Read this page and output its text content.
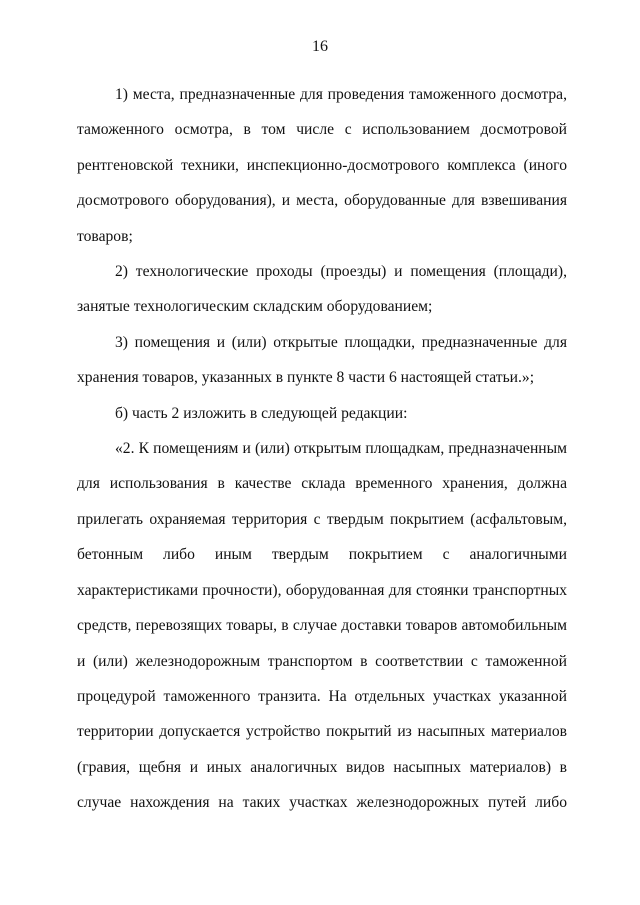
16

1) места, предназначенные для проведения таможенного досмотра, таможенного осмотра, в том числе с использованием досмотровой рентгеновской техники, инспекционно-досмотрового комплекса (иного досмотрового оборудования), и места, оборудованные для взвешивания товаров;

2) технологические проходы (проезды) и помещения (площади), занятые технологическим складским оборудованием;

3) помещения и (или) открытые площадки, предназначенные для хранения товаров, указанных в пункте 8 части 6 настоящей статьи.»;

б) часть 2 изложить в следующей редакции:

«2. К помещениям и (или) открытым площадкам, предназначенным для использования в качестве склада временного хранения, должна прилегать охраняемая территория с твердым покрытием (асфальтовым, бетонным либо иным твердым покрытием с аналогичными характеристиками прочности), оборудованная для стоянки транспортных средств, перевозящих товары, в случае доставки товаров автомобильным и (или) железнодорожным транспортом в соответствии с таможенной процедурой таможенного транзита. На отдельных участках указанной территории допускается устройство покрытий из насыпных материалов (гравия, щебня и иных аналогичных видов насыпных материалов) в случае нахождения на таких участках железнодорожных путей либо
